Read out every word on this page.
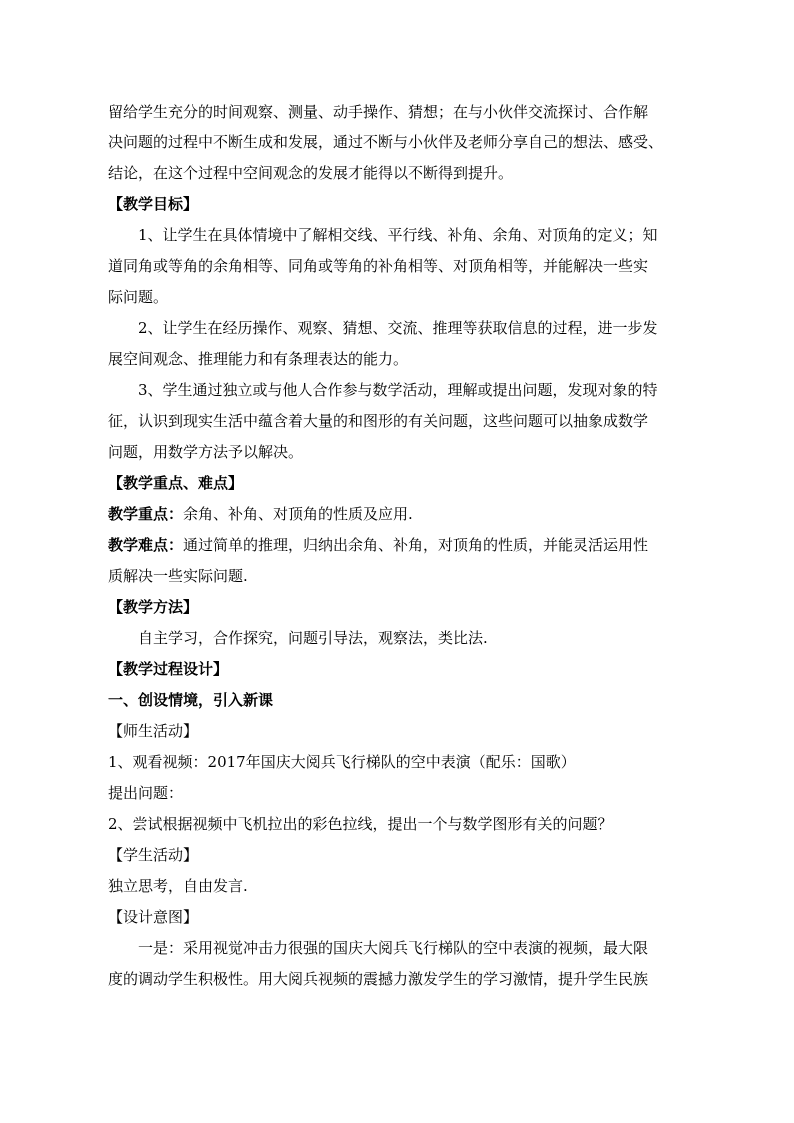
留给学生充分的时间观察、测量、动手操作、猜想；在与小伙伴交流探讨、合作解
决问题的过程中不断生成和发展，通过不断与小伙伴及老师分享自己的想法、感受、
结论，在这个过程中空间观念的发展才能得以不断得到提升。
【教学目标】
1、让学生在具体情境中了解相交线、平行线、补角、余角、对顶角的定义；知
道同角或等角的余角相等、同角或等角的补角相等、对顶角相等，并能解决一些实
际问题。
2、让学生在经历操作、观察、猜想、交流、推理等获取信息的过程，进一步发
展空间观念、推理能力和有条理表达的能力。
3、学生通过独立或与他人合作参与数学活动，理解或提出问题，发现对象的特
征，认识到现实生活中蕴含着大量的和图形的有关问题，这些问题可以抽象成数学
问题，用数学方法予以解决。
【教学重点、难点】
教学重点：余角、补角、对顶角的性质及应用.
教学难点：通过简单的推理，归纳出余角、补角，对顶角的性质，并能灵活运用性
质解决一些实际问题.
【教学方法】
自主学习，合作探究，问题引导法，观察法，类比法.
【教学过程设计】
一、创设情境，引入新课
【师生活动】
1、观看视频：2017年国庆大阅兵飞行梯队的空中表演（配乐：国歌）
提出问题：
2、尝试根据视频中飞机拉出的彩色拉线，提出一个与数学图形有关的问题？
【学生活动】
独立思考，自由发言.
【设计意图】
一是：采用视觉冲击力很强的国庆大阅兵飞行梯队的空中表演的视频，最大限
度的调动学生积极性。用大阅兵视频的震撼力激发学生的学习激情，提升学生民族
